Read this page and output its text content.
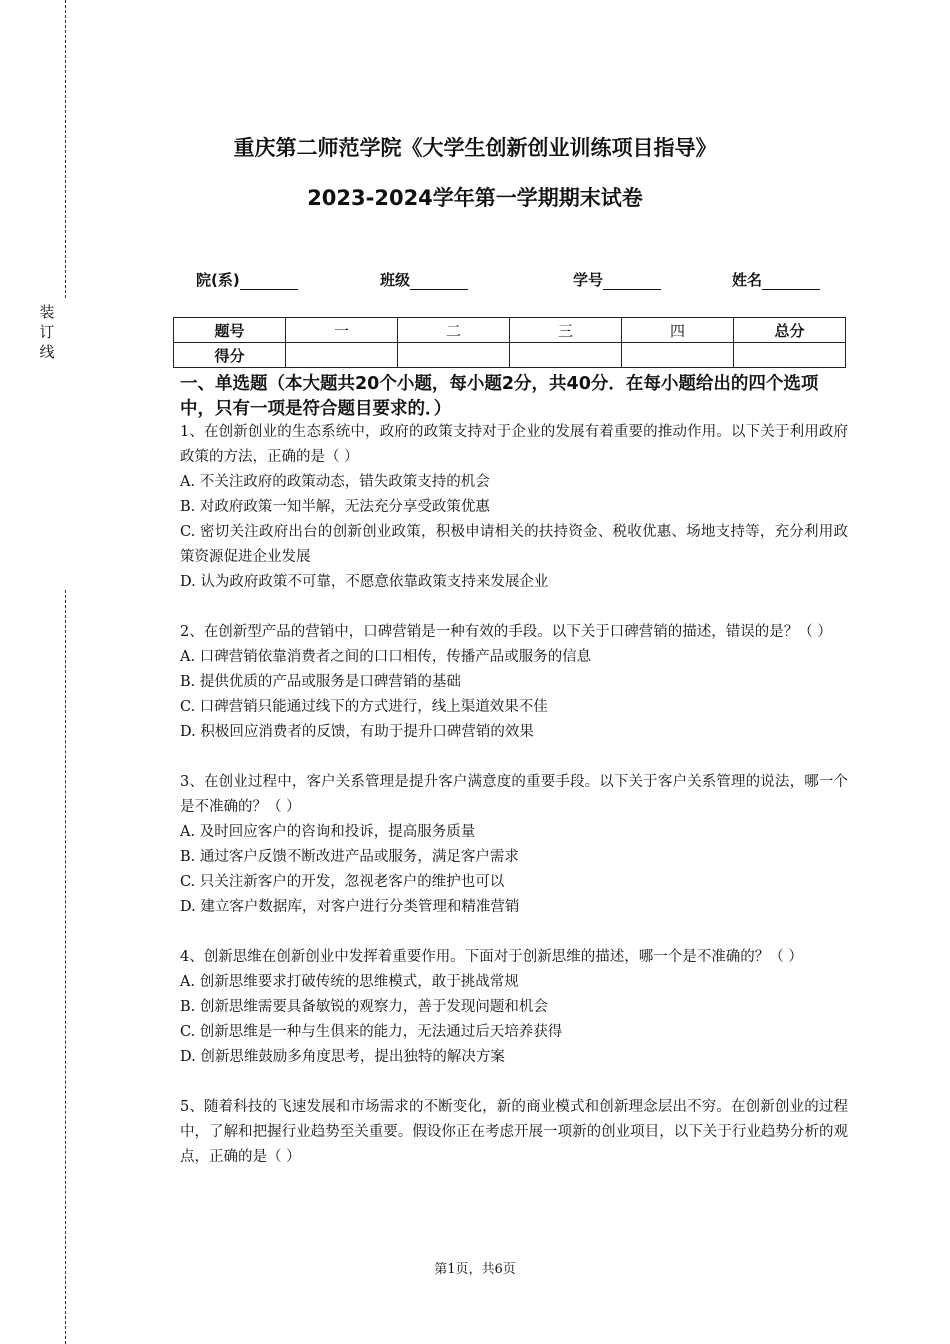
装
订
线
重庆第二师范学院《大学生创新创业训练项目指导》
2023-2024学年第一学期期末试卷
院(系)	班级	学号	姓名
题号	一	二	三	四	总分
得分					
一、单选题（本大题共20个小题，每小题2分，共40分．在每小题给出的四个选项中，只有一项是符合题目要求的．）
1、在创新创业的生态系统中，政府的政策支持对于企业的发展有着重要的推动作用。以下关于利用政府政策的方法，正确的是（ ）
A. 不关注政府的政策动态，错失政策支持的机会
B. 对政府政策一知半解，无法充分享受政策优惠
C. 密切关注政府出台的创新创业政策，积极申请相关的扶持资金、税收优惠、场地支持等，充分利用政策资源促进企业发展
D. 认为政府政策不可靠，不愿意依靠政策支持来发展企业
2、在创新型产品的营销中，口碑营销是一种有效的手段。以下关于口碑营销的描述，错误的是？（ ）
A. 口碑营销依靠消费者之间的口口相传，传播产品或服务的信息
B. 提供优质的产品或服务是口碑营销的基础
C. 口碑营销只能通过线下的方式进行，线上渠道效果不佳
D. 积极回应消费者的反馈，有助于提升口碑营销的效果
3、在创业过程中，客户关系管理是提升客户满意度的重要手段。以下关于客户关系管理的说法，哪一个是不准确的？（ ）
A. 及时回应客户的咨询和投诉，提高服务质量
B. 通过客户反馈不断改进产品或服务，满足客户需求
C. 只关注新客户的开发，忽视老客户的维护也可以
D. 建立客户数据库，对客户进行分类管理和精准营销
4、创新思维在创新创业中发挥着重要作用。下面对于创新思维的描述，哪一个是不准确的？（ ）
A. 创新思维要求打破传统的思维模式，敢于挑战常规
B. 创新思维需要具备敏锐的观察力，善于发现问题和机会
C. 创新思维是一种与生俱来的能力，无法通过后天培养获得
D. 创新思维鼓励多角度思考，提出独特的解决方案
5、随着科技的飞速发展和市场需求的不断变化，新的商业模式和创新理念层出不穷。在创新创业的过程中，了解和把握行业趋势至关重要。假设你正在考虑开展一项新的创业项目，以下关于行业趋势分析的观点，正确的是（ ）
第1页，共6页
